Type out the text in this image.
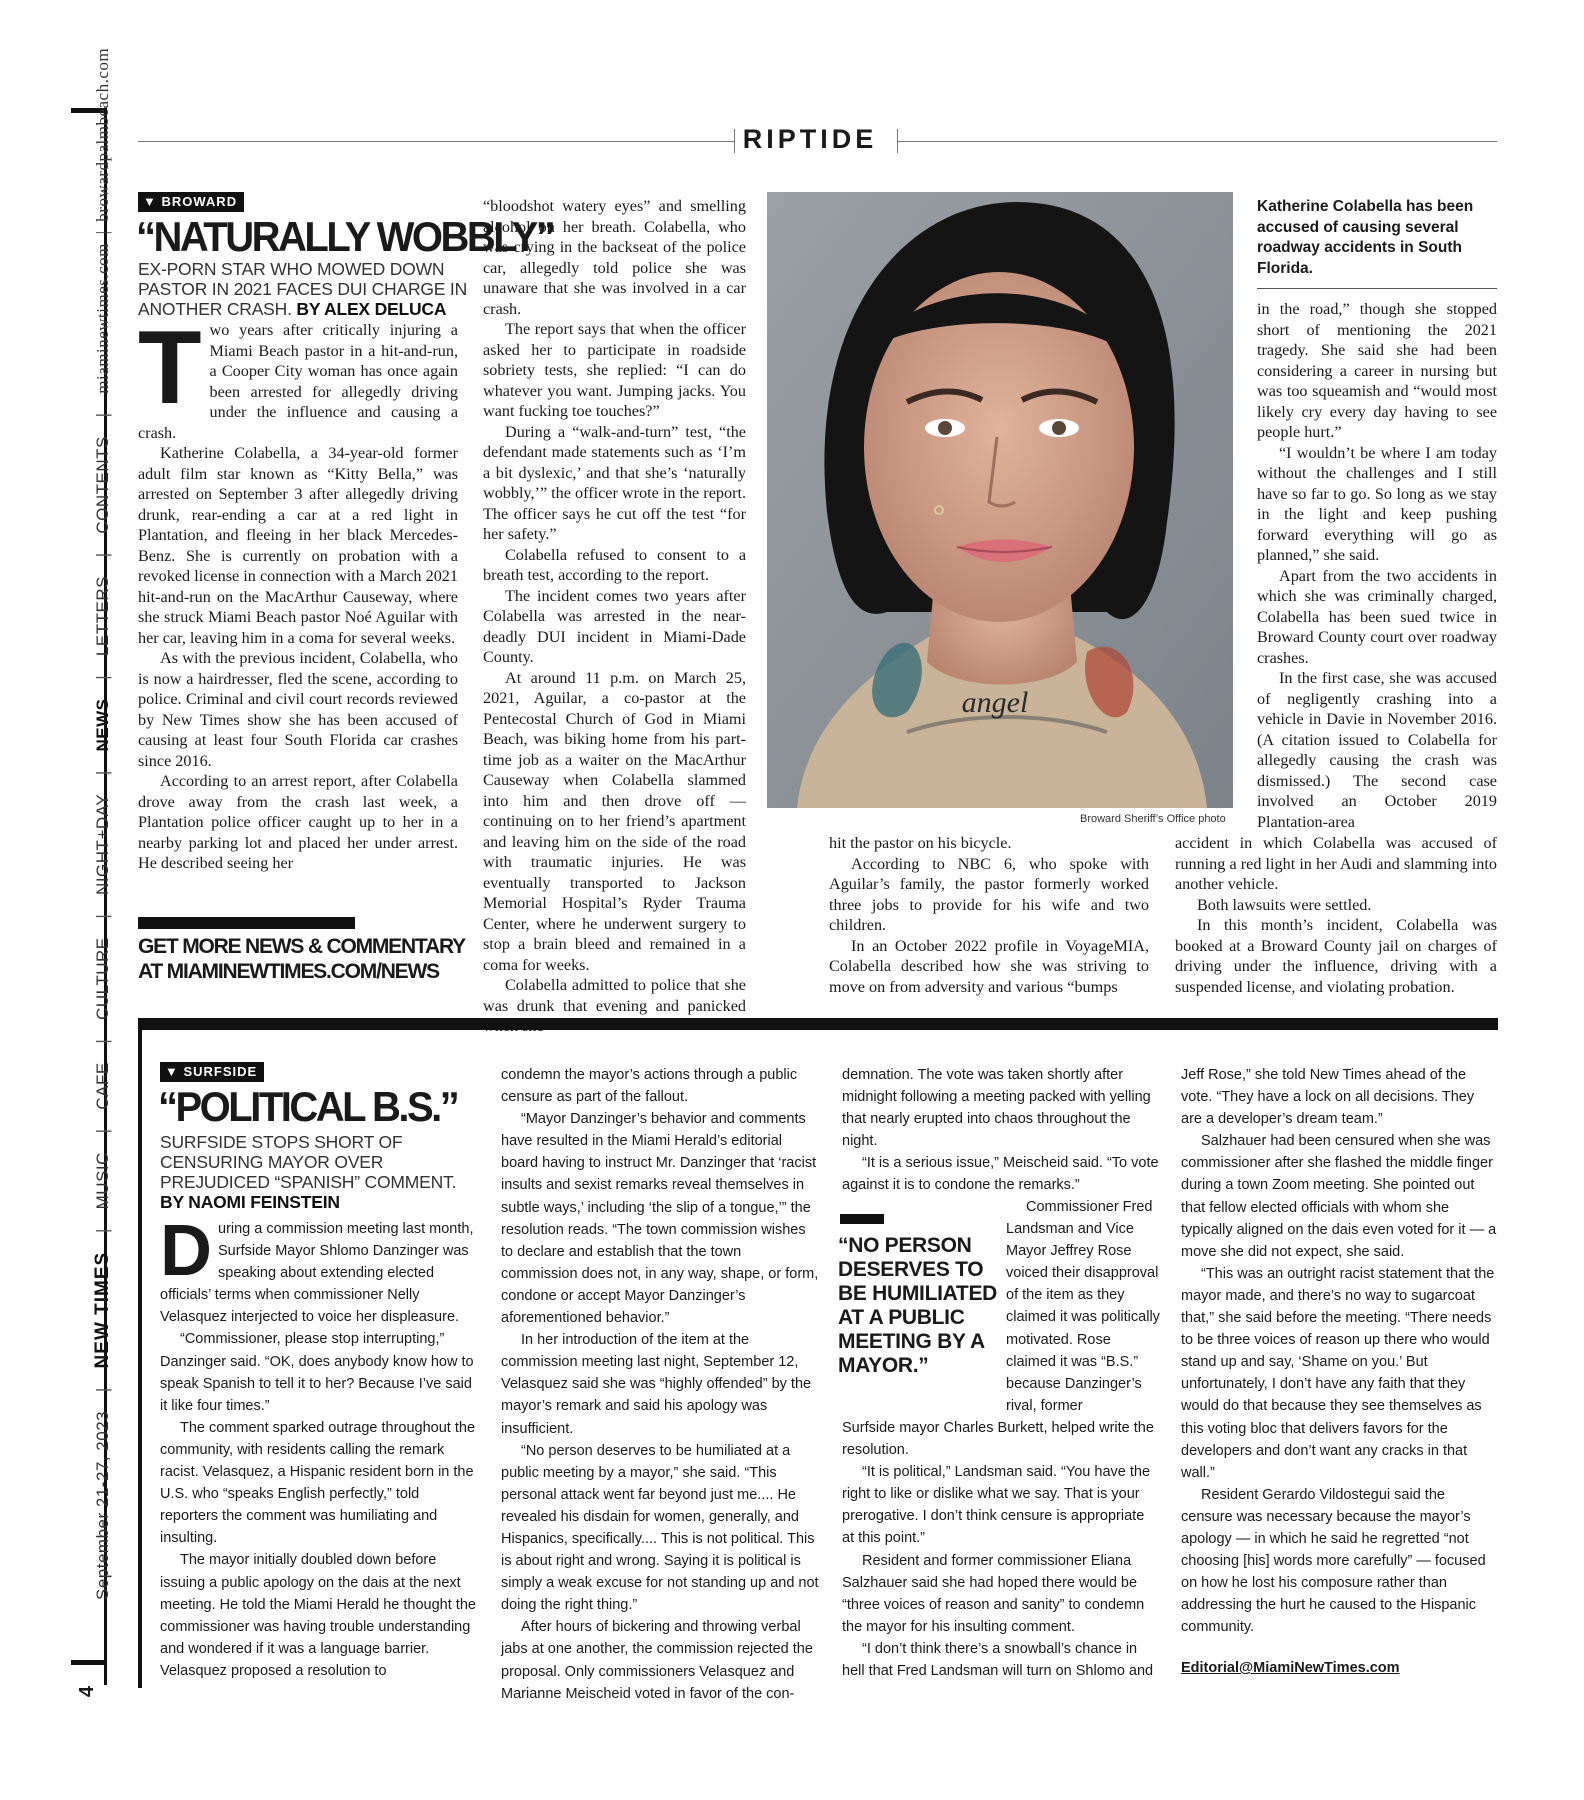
September 21-27, 2023 | NEW TIMES | MUSIC | CAFE | CULTURE | NIGHT+DAY | NEWS | LETTERS | CONTENTS | miaminewtimes.com | browardpalmbeach.com
4
RIPTIDE
▼ BROWARD
“NATURALLY WOBBLY”
EX-PORN STAR WHO MOWED DOWN PASTOR IN 2021 FACES DUI CHARGE IN ANOTHER CRASH. BY ALEX DELUCA

Two years after critically injuring a Miami Beach pastor in a hit-and-run, a Cooper City woman has once again been arrested for allegedly driving under the influence and causing a crash.

Katherine Colabella, a 34-year-old former adult film star known as “Kitty Bella,” was arrested on September 3 after allegedly driving drunk, rear-ending a car at a red light in Plantation, and fleeing in her black Mercedes-Benz. She is currently on probation with a revoked license in connection with a March 2021 hit-and-run on the MacArthur Causeway, where she struck Miami Beach pastor Noé Aguilar with her car, leaving him in a coma for several weeks.

As with the previous incident, Colabella, who is now a hairdresser, fled the scene, according to police. Criminal and civil court records reviewed by New Times show she has been accused of causing at least four South Florida car crashes since 2016.

According to an arrest report, after Colabella drove away from the crash last week, a Plantation police officer caught up to her in a nearby parking lot and placed her under arrest. He described seeing her

GET MORE NEWS & COMMENTARY
AT MIAMINEWTIMES.COM/NEWS

“bloodshot watery eyes” and smelling alcohol on her breath. Colabella, who was crying in the backseat of the police car, allegedly told police she was unaware that she was involved in a car crash.

The report says that when the officer asked her to participate in roadside sobriety tests, she replied: “I can do whatever you want. Jumping jacks. You want fucking toe touches?”

During a “walk-and-turn” test, “the defendant made statements such as ‘I’m a bit dyslexic,’ and that she’s ‘naturally wobbly,’” the officer wrote in the report. The officer says he cut off the test “for her safety.”

Colabella refused to consent to a breath test, according to the report.

The incident comes two years after Colabella was arrested in the near-deadly DUI incident in Miami-Dade County.

At around 11 p.m. on March 25, 2021, Aguilar, a co-pastor at the Pentecostal Church of God in Miami Beach, was biking home from his part-time job as a waiter on the MacArthur Causeway when Colabella slammed into him and then drove off — continuing on to her friend’s apartment and leaving him on the side of the road with traumatic injuries. He was eventually transported to Jackson Memorial Hospital’s Ryder Trauma Center, where he underwent surgery to stop a brain bleed and remained in a coma for weeks.

Colabella admitted to police that she was drunk that evening and panicked

angel
Broward Sheriff’s Office photo
Katherine Colabella has been accused of causing several roadway accidents in South Florida.

hit the pastor on his bicycle.

According to NBC 6, who spoke with Aguilar’s family, the pastor formerly worked three jobs to provide for his wife and two children.

In an October 2022 profile in VoyageMIA, Colabella described how she was striving to move on from adversity and various “bumps

in the road,” though she stopped short of mentioning the 2021 tragedy. She said she had been considering a career in nursing but was too squeamish and “would most likely cry every day having to see people hurt.”

“I wouldn’t be where I am today without the challenges and I still have so far to go. So long as we stay in the light and keep pushing forward everything will go as planned,” she said.

Apart from the two accidents in which she was criminally charged, Colabella has been sued twice in Broward County court over roadway crashes.

In the first case, she was accused of negligently crashing into a vehicle in Davie in November 2016. (A citation issued to Colabella for allegedly causing the crash was dismissed.) The second case involved an October 2019 Plantation-area

accident in which Colabella was accused of running a red light in her Audi and slamming into another vehicle.

Both lawsuits were settled.

In this month’s incident, Colabella was booked at a Broward County jail on charges of driving under the influence, driving with a suspended license, and violating probation.

▼ SURFSIDE
“POLITICAL B.S.”
SURFSIDE STOPS SHORT OF CENSURING MAYOR OVER PREJUDICED “SPANISH” COMMENT.
BY NAOMI FEINSTEIN

During a commission meeting last month, Surfside Mayor Shlomo Danzinger was speaking about extending elected officials’ terms when commissioner Nelly Velasquez interjected to voice her displeasure.

“Commissioner, please stop interrupting,” Danzinger said. “OK, does anybody know how to speak Spanish to tell it to her? Because I’ve said it like four times.”

The comment sparked outrage throughout the community, with residents calling the remark racist. Velasquez, a Hispanic resident born in the U.S. who “speaks English perfectly,” told reporters the comment was humiliating and insulting.

The mayor initially doubled down before issuing a public apology on the dais at the next meeting. He told the Miami Herald he thought the commissioner was having trouble understanding and wondered if it was a language barrier. Velasquez proposed a resolution to

condemn the mayor’s actions through a public censure as part of the fallout.

“Mayor Danzinger’s behavior and comments have resulted in the Miami Herald’s editorial board having to instruct Mr. Danzinger that ‘racist insults and sexist remarks reveal themselves in subtle ways,’ including ‘the slip of a tongue,’” the resolution reads. “The town commission wishes to declare and establish that the town commission does not, in any way, shape, or form, condone or accept Mayor Danzinger’s aforementioned behavior.”

In her introduction of the item at the commission meeting last night, September 12, Velasquez said she was “highly offended” by the mayor’s remark and said his apology was insufficient.

“No person deserves to be humiliated at a public meeting by a mayor,” she said. “This personal attack went far beyond just me.... He revealed his disdain for women, generally, and Hispanics, specifically.... This is not political. This is about right and wrong. Saying it is political is simply a weak excuse for not standing up and not doing the right thing.”

After hours of bickering and throwing verbal jabs at one another, the commission rejected the proposal. Only commissioners Velasquez and Marianne Meischeid voted in favor of the con-

demnation. The vote was taken shortly after midnight following a meeting packed with yelling that nearly erupted into chaos throughout the night.

“It is a serious issue,” Meischeid said. “To vote against it is to condone the remarks.”

“NO PERSON DESERVES TO BE HUMILIATED AT A PUBLIC MEETING BY A MAYOR.”

Commissioner Fred Landsman and Vice Mayor Jeffrey Rose voiced their disapproval of the item as they claimed it was politically motivated. Rose claimed it was “B.S.” because Danzinger’s rival, former

Surfside mayor Charles Burkett, helped write the resolution.

“It is political,” Landsman said. “You have the right to like or dislike what we say. That is your prerogative. I don’t think censure is appropriate at this point.”

Resident and former commissioner Eliana Salzhauer said she had hoped there would be “three voices of reason and sanity” to condemn the mayor for his insulting comment.

“I don’t think there’s a snowball’s chance in hell that Fred Landsman will turn on Shlomo and

Jeff Rose,” she told New Times ahead of the vote. “They have a lock on all decisions. They are a developer’s dream team.”

Salzhauer had been censured when she was commissioner after she flashed the middle finger during a town Zoom meeting. She pointed out that fellow elected officials with whom she typically aligned on the dais even voted for it — a move she did not expect, she said.

“This was an outright racist statement that the mayor made, and there’s no way to sugarcoat that,” she said before the meeting. “There needs to be three voices of reason up there who would stand up and say, ‘Shame on you.’ But unfortunately, I don’t have any faith that they would do that because they see themselves as this voting bloc that delivers favors for the developers and don’t want any cracks in that wall.”

Resident Gerardo Vildostegui said the censure was necessary because the mayor’s apology — in which he said he regretted “not choosing [his] words more carefully” — focused on how he lost his composure rather than addressing the hurt he caused to the Hispanic community.

Editorial@MiamiNewTimes.com
